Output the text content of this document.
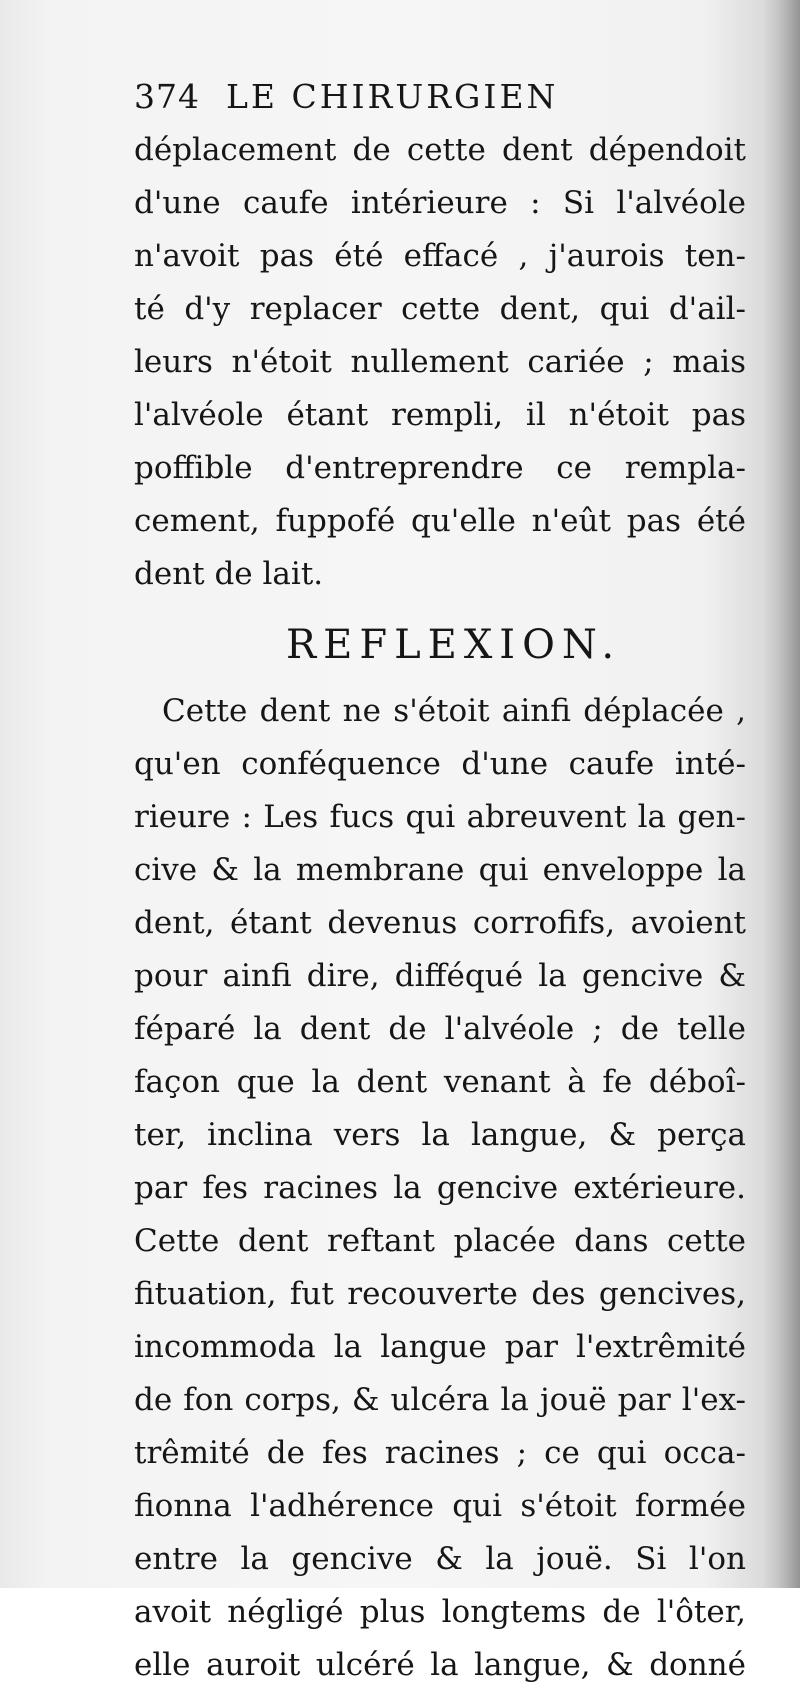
374 LE CHIRURGIEN
déplacement de cette dent dépendoit
d'une caufe intérieure : Si l'alvéole
n'avoit pas été effacé , j'aurois ten-
té d'y replacer cette dent, qui d'ail-
leurs n'étoit nullement cariée ; mais
l'alvéole étant rempli, il n'étoit pas
poffible d'entreprendre ce rempla-
cement, fuppofé qu'elle n'eût pas été
dent de lait.
REFLEXION.
Cette dent ne s'étoit ainfi déplacée ,
qu'en conféquence d'une caufe inté-
rieure : Les fucs qui abreuvent la gen-
cive & la membrane qui enveloppe la
dent, étant devenus corrofifs, avoient
pour ainfi dire, difféqué la gencive &
féparé la dent de l'alvéole ; de telle
façon que la dent venant à fe déboî-
ter, inclina vers la langue, & perça
par fes racines la gencive extérieure.
Cette dent reftant placée dans cette
fituation, fut recouverte des gencives,
incommoda la langue par l'extrêmité
de fon corps, & ulcéra la jouë par l'ex-
trêmité de fes racines ; ce qui occa-
fionna l'adhérence qui s'étoit formée
entre la gencive & la jouë. Si l'on
avoit négligé plus longtems de l'ôter,
elle auroit ulcéré la langue, & donné
